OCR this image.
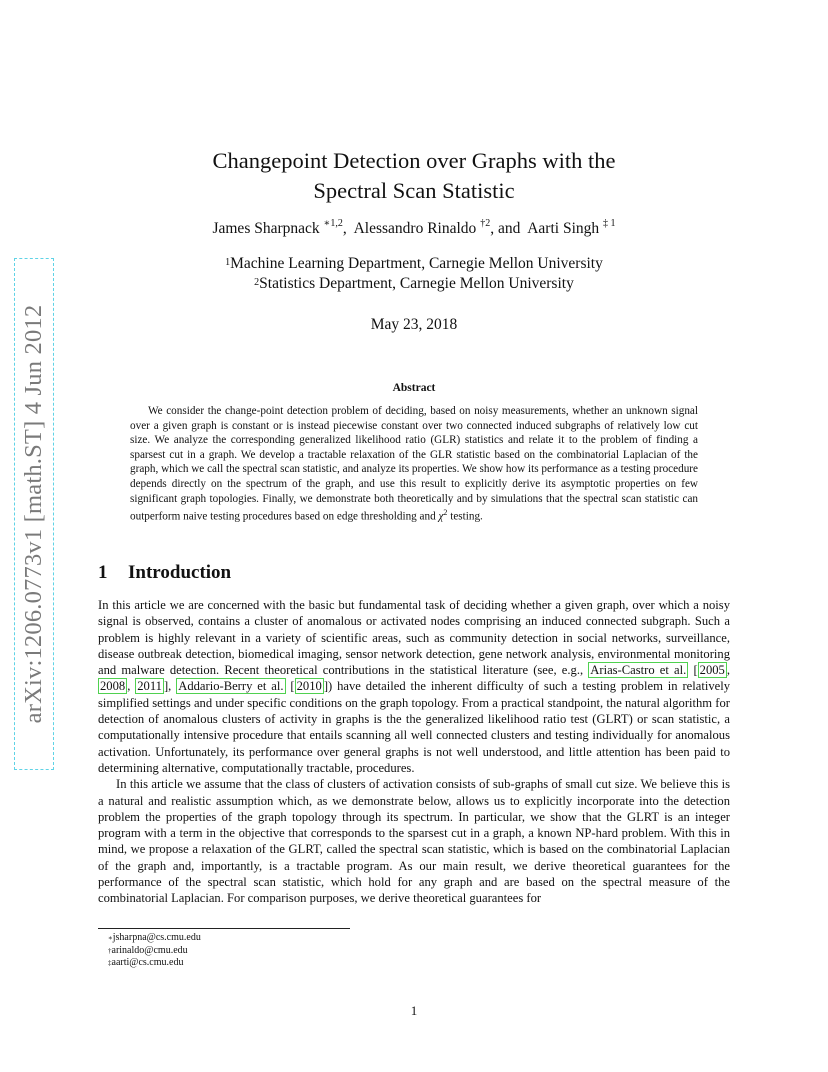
arXiv:1206.0773v1 [math.ST] 4 Jun 2012
Changepoint Detection over Graphs with the
Spectral Scan Statistic
James Sharpnack $^{∗1,2}$,  Alessandro Rinaldo $^{\dagger 2}$, and Aarti Singh $^{\ddagger 1}$
$^1$Machine Learning Department, Carnegie Mellon University
$^2$Statistics Department, Carnegie Mellon University
May 23, 2018
Abstract
We consider the change-point detection problem of deciding, based on noisy measurements, whether an unknown signal over a given graph is constant or is instead piecewise constant over two connected induced subgraphs of relatively low cut size. We analyze the corresponding generalized likelihood ratio (GLR) statistics and relate it to the problem of finding a sparsest cut in a graph. We develop a tractable relaxation of the GLR statistic based on the combinatorial Laplacian of the graph, which we call the spectral scan statistic, and analyze its properties. We show how its performance as a testing procedure depends directly on the spectrum of the graph, and use this result to explicitly derive its asymptotic properties on few significant graph topologies. Finally, we demonstrate both theoretically and by simulations that the spectral scan statistic can outperform naive testing procedures based on edge thresholding and $\chi^2$ testing.
1 Introduction

In this article we are concerned with the basic but fundamental task of deciding whether a given graph, over which a noisy signal is observed, contains a cluster of anomalous or activated nodes comprising an induced connected subgraph. Such a problem is highly relevant in a variety of scientific areas, such as community detection in social networks, surveillance, disease outbreak detection, biomedical imaging, sensor network detection, gene network analysis, environmental monitoring and malware detection. Recent theoretical contributions in the statistical literature (see, e.g., Arias-Castro et al. [ 2005 , 2008 , 2011 ], Addario-Berry et al. [ 2010 ]) have detailed the inherent difficulty of such a testing problem in relatively simplified settings and under specific conditions on the graph topology. From a practical standpoint, the natural algorithm for detection of anomalous clusters of activity in graphs is the the generalized likelihood ratio test (GLRT) or scan statistic, a computationally intensive procedure that entails scanning all well connected clusters and testing individually for anomalous activation. Unfortunately, its performance over general graphs is not well understood, and little attention has been paid to determining alternative, computationally tractable, procedures.

In this article we assume that the class of clusters of activation consists of sub-graphs of small cut size. We believe this is a natural and realistic assumption which, as we demonstrate below, allows us to explicitly incorporate into the detection problem the properties of the graph topology through its spectrum. In particular, we show that the GLRT is an integer program with a term in the objective that corresponds to the sparsest cut in a graph, a known NP-hard problem. With this in mind, we propose a relaxation of the GLRT, called the spectral scan statistic, which is based on the combinatorial Laplacian of the graph and, importantly, is a tractable program. As our main result, we derive theoretical guarantees for the performance of the spectral scan statistic, which hold for any graph and are based on the spectral measure of the combinatorial Laplacian. For comparison purposes, we derive theoretical guarantees for

∗jsharpna@cs.cmu.edu
†arinaldo@cmu.edu
‡aarti@cs.cmu.edu
1
